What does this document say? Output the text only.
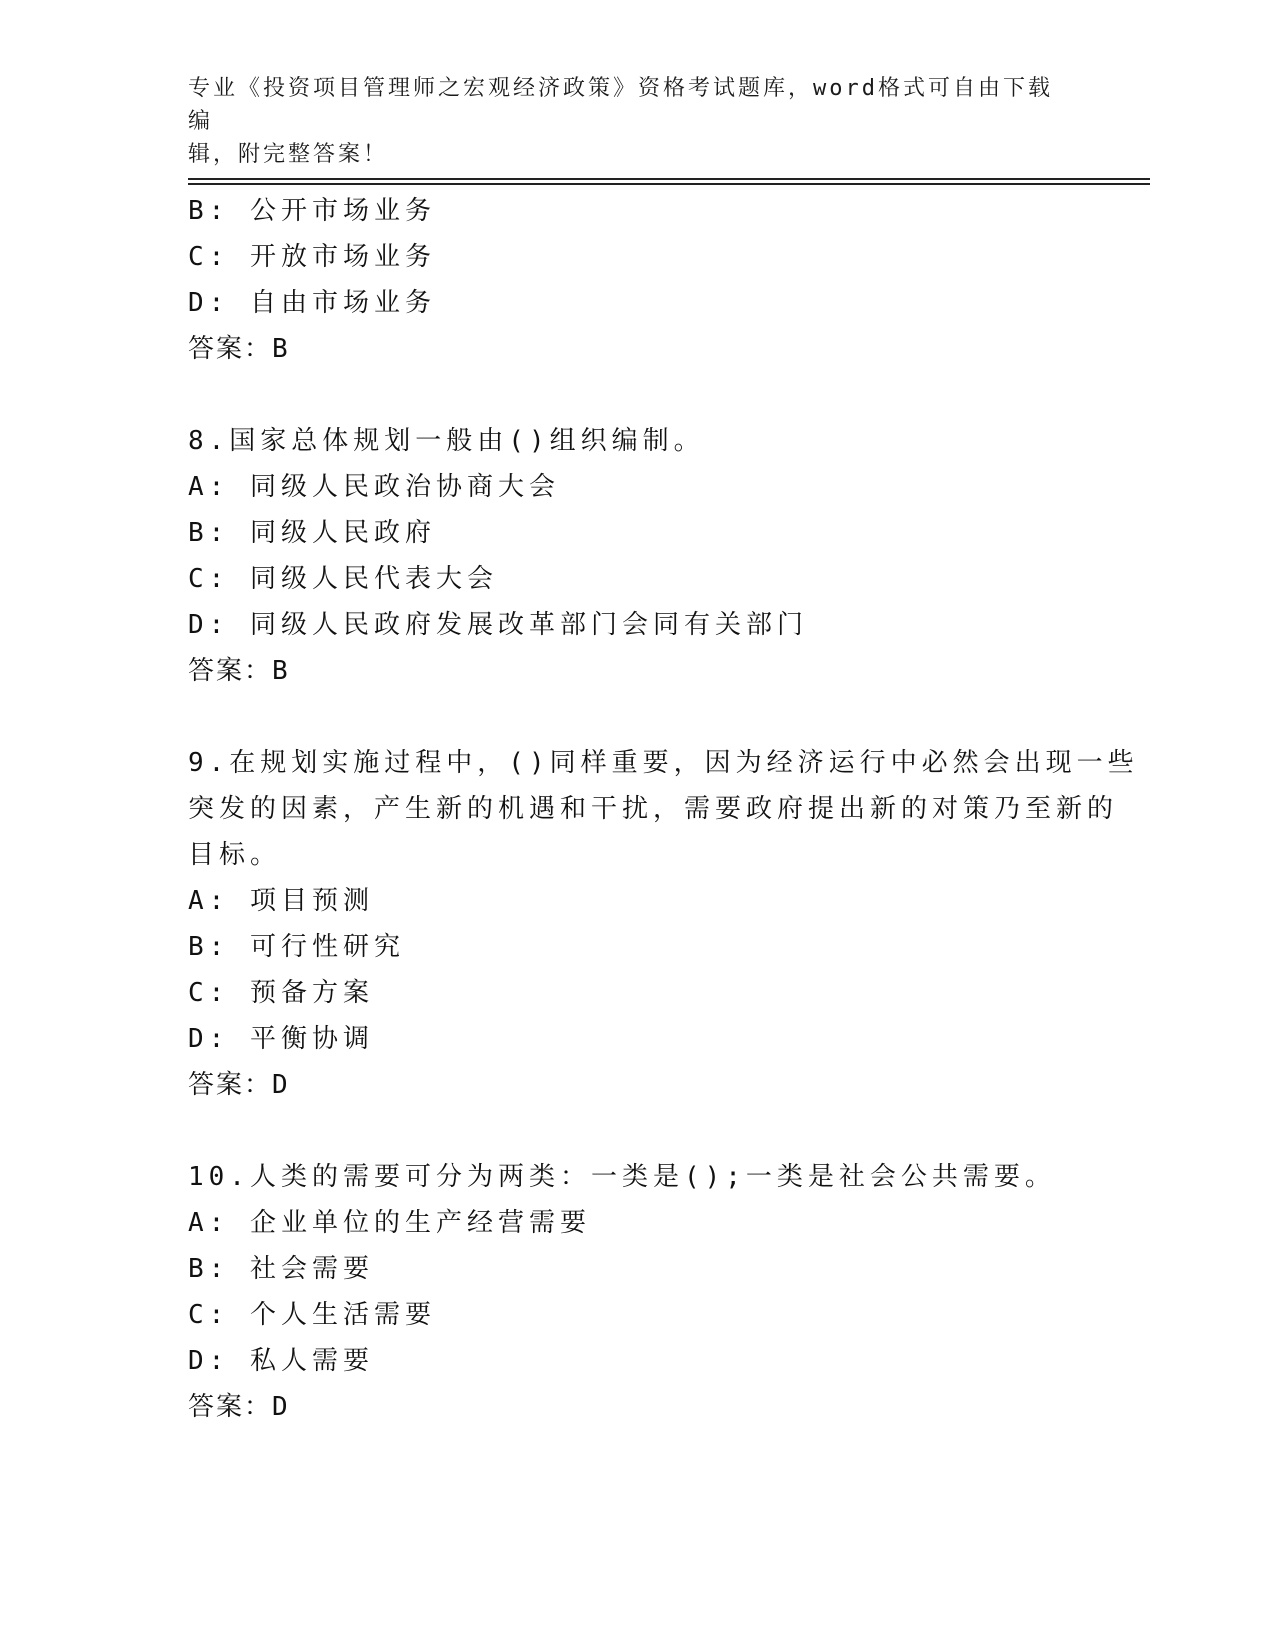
专业《投资项目管理师之宏观经济政策》资格考试题库，word格式可自由下载编
辑，附完整答案！
B: 公开市场业务
C: 开放市场业务
D: 自由市场业务
答案：B
8.国家总体规划一般由()组织编制。
A: 同级人民政治协商大会
B: 同级人民政府
C: 同级人民代表大会
D: 同级人民政府发展改革部门会同有关部门
答案：B
9.在规划实施过程中，()同样重要，因为经济运行中必然会出现一些
突发的因素，产生新的机遇和干扰，需要政府提出新的对策乃至新的
目标。
A: 项目预测
B: 可行性研究
C: 预备方案
D: 平衡协调
答案：D
10.人类的需要可分为两类：一类是();一类是社会公共需要。
A: 企业单位的生产经营需要
B: 社会需要
C: 个人生活需要
D: 私人需要
答案：D
